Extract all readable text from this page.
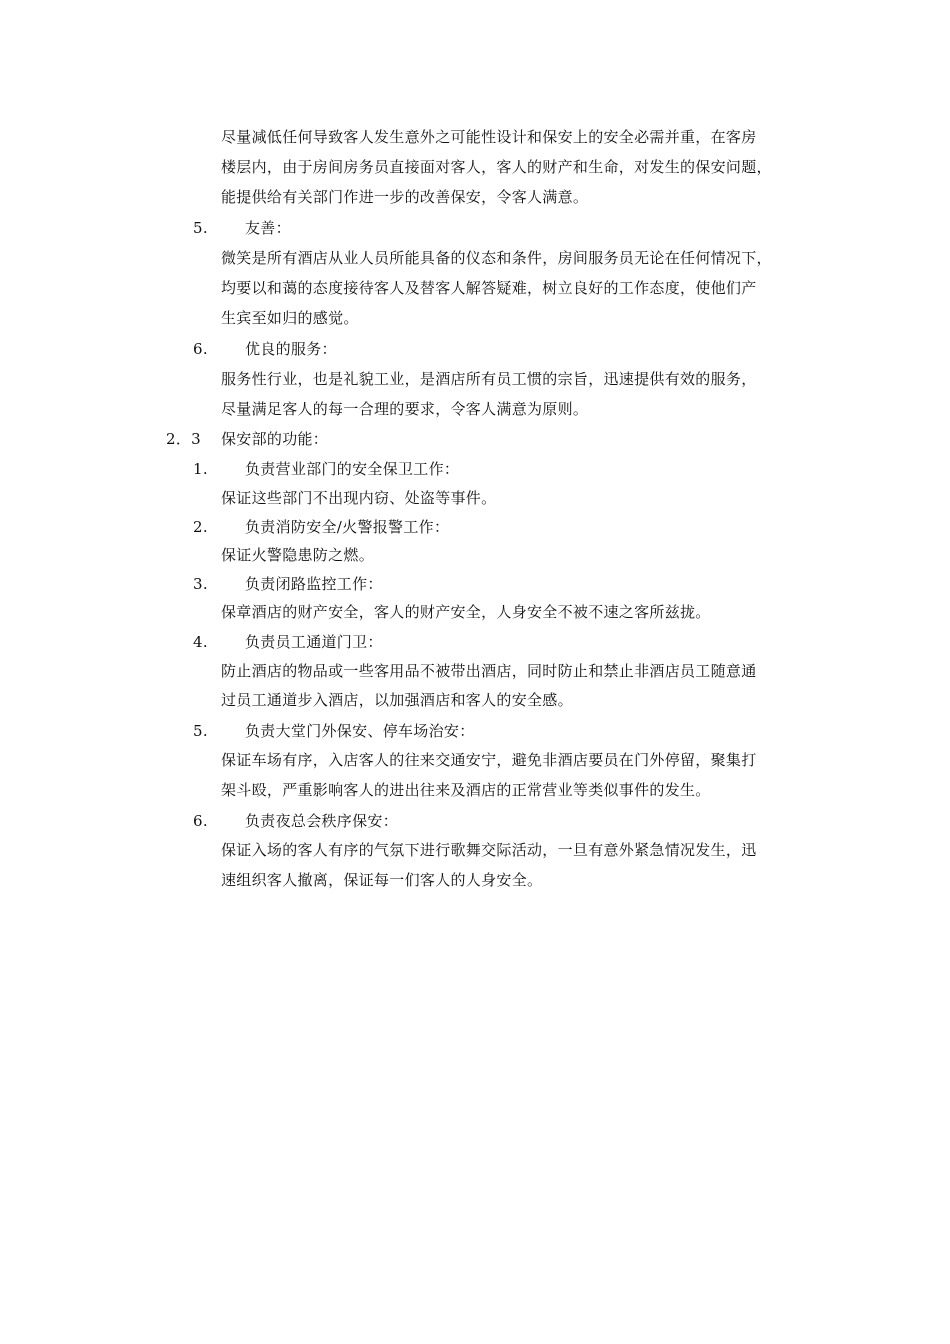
尽量减低任何导致客人发生意外之可能性设计和保安上的安全必需并重，在客房
楼层内，由于房间房务员直接面对客人，客人的财产和生命，对发生的保安问题，
能提供给有关部门作进一步的改善保安，令客人满意。
5. 友善：
微笑是所有酒店从业人员所能具备的仪态和条件，房间服务员无论在任何情况下，
均要以和蔼的态度接待客人及替客人解答疑难，树立良好的工作态度，使他们产
生宾至如归的感觉。
6. 优良的服务：
服务性行业，也是礼貌工业，是酒店所有员工惯的宗旨，迅速提供有效的服务，
尽量满足客人的每一合理的要求，令客人满意为原则。
2．3 保安部的功能：
1. 负责营业部门的安全保卫工作：
保证这些部门不出现内窃、处盗等事件。
2. 负责消防安全/火警报警工作：
保证火警隐患防之燃。
3. 负责闭路监控工作：
保章酒店的财产安全，客人的财产安全，人身安全不被不速之客所兹拢。
4. 负责员工通道门卫：
防止酒店的物品或一些客用品不被带出酒店，同时防止和禁止非酒店员工随意通
过员工通道步入酒店，以加强酒店和客人的安全感。
5. 负责大堂门外保安、停车场治安：
保证车场有序，入店客人的往来交通安宁，避免非酒店要员在门外停留，聚集打
架斗殴，严重影响客人的进出往来及酒店的正常营业等类似事件的发生。
6. 负责夜总会秩序保安：
保证入场的客人有序的气氛下进行歌舞交际活动，一旦有意外紧急情况发生，迅
速组织客人撤离，保证每一们客人的人身安全。
